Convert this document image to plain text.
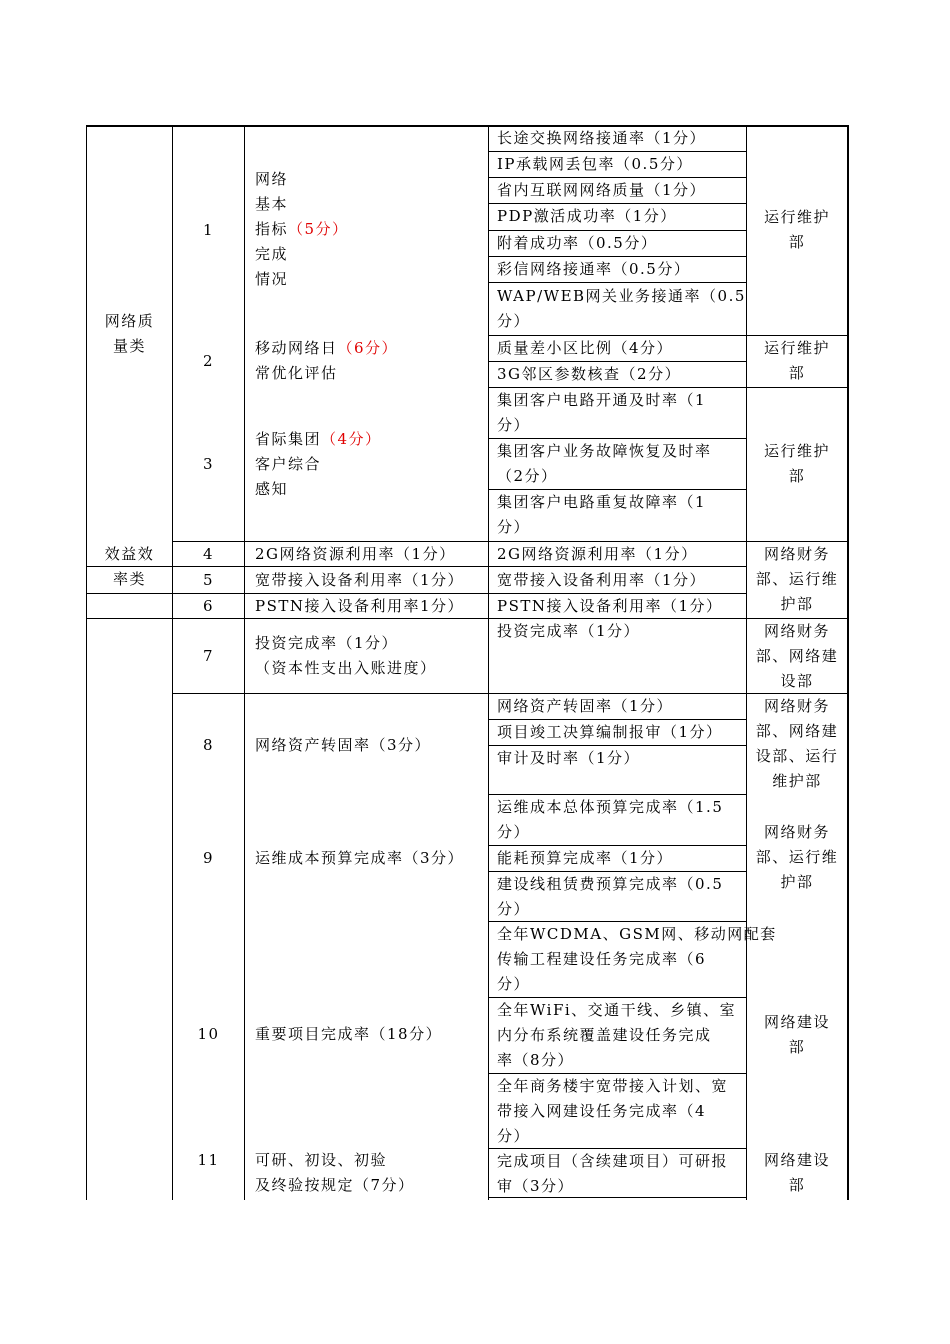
网络质
量类
效益效
率类
1
2
3
4
5
6
7
8
9
10
11
网络
基本
指标（5分）
完成
情况
移动网络日（6分）
常优化评估
省际集团（4分）
客户综合
感知
2G网络资源利用率（1分）
宽带接入设备利用率（1分）
PSTN接入设备利用率1分）
投资完成率（1分）
（资本性支出入账进度）
网络资产转固率（3分）
运维成本预算完成率（3分）
重要项目完成率（18分）
可研、初设、初验
及终验按规定（7分）
长途交换网络接通率（1分）
IP承载网丢包率（0.5分）
省内互联网网络质量（1分）
PDP激活成功率（1分）
附着成功率（0.5分）
彩信网络接通率（0.5分）
WAP/WEB网关业务接通率（0.5
分）
质量差小区比例（4分）
3G邻区参数核查（2分）
集团客户电路开通及时率（1
分）
集团客户业务故障恢复及时率
（2分）
集团客户电路重复故障率（1
分）
2G网络资源利用率（1分）
宽带接入设备利用率（1分）
PSTN接入设备利用率（1分）
投资完成率（1分）
网络资产转固率（1分）
项目竣工决算编制报审（1分）
审计及时率（1分）
运维成本总体预算完成率（1.5
分）
能耗预算完成率（1分）
建设线租赁费预算完成率（0.5
分）
全年WCDMA、GSM网、移动网配套
传输工程建设任务完成率（6
分）
全年WiFi、交通干线、乡镇、室
内分布系统覆盖建设任务完成
率（8分）
全年商务楼宇宽带接入计划、宽
带接入网建设任务完成率（4
分）
完成项目（含续建项目）可研报
审（3分）
运行维护
部
运行维护
部
运行维护
部
网络财务
部、运行维
护部
网络财务
部、网络建
设部
网络财务
部、网络建
设部、运行
维护部
网络财务
部、运行维
护部
网络建设
部
网络建设
部
